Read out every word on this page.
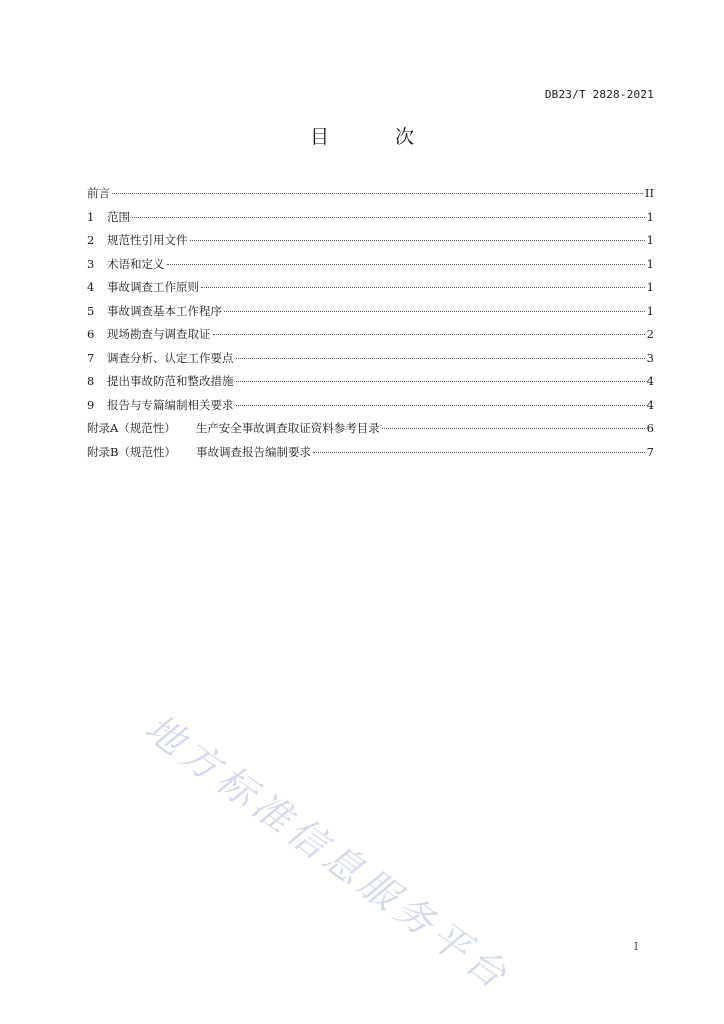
DB23/T 2828-2021
目 次
前言	II
1	范围	1
2	规范性引用文件	1
3	术语和定义	1
4	事故调查工作原则	1
5	事故调查基本工作程序	1
6	现场勘查与调查取证	2
7	调查分析、认定工作要点	3
8	提出事故防范和整改措施	4
9	报告与专篇编制相关要求	4
附录A（规范性） 生产安全事故调查取证资料参考目录	6
附录B（规范性） 事故调查报告编制要求	7
地方标准信息服务平台	I
